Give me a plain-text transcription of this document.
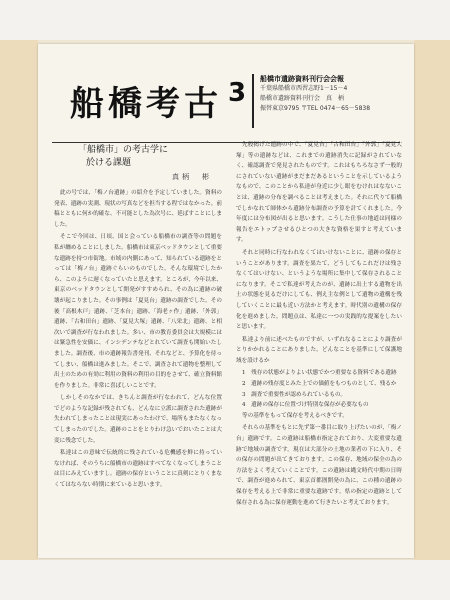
船橋考古 3 船橋市遺跡資料刊行会会報
千葉県船橋市西習志野1－15－4
船橋市遺跡資料刊行会　真　柄
振替東京9795 〒TEL 0474－65－5838
「船橋市」の考古学に
於ける課題
真柄　彬

此の号では、「梅ノ台遺跡」の紹介を予定していました。資料の発表、遺跡の実測、現状の写真などを担当する程ではなかった。前稿とともに何か的確な、不可能とした為次号に、延ばすことにしました。

そこで今回は、日頃、国と会っている船橋市の調査等の問題を私が纏めることにしました。船橋市は東京ベッドタウンとして重要な遺跡を持つ市街地。市域の内側にあって、知られている遺跡をとっては「梅ノ台」遺跡ぐらいのものでした。そんな環境でしたから、このように遅くなっていたと思えます。ところが、今年以来、東京のベッドタウンとして開発がすすめられ、その為に遺跡の破壊が起こりました。その事例は「夏見台」遺跡の調査でした。その後「高根木戸」遺跡、「芝本台」遺跡、「海老ヶ作」遺跡、「外郭」遺跡、「古和田台」遺跡、「夏見大塚」遺跡、「八栄北」遺跡、と相次いで調査が行なわれました。多い、市の教育委員会は大規模にはは緊急性を安価に、インシデンテなどとれていて調査も開始いたしました。調査後、市の遺跡報告書発刊、それなどと、予算化を待ってしまい、船橋は進みました。そこで、調査されて遺物を整理して出土のための有効に利用の資料の利用の目的をさせて、確立資料館を作りました。非常に喜ばしいことです。

しかしそのなかでは、きちんと調査が行なわれて、どんな位置でどのような記録が残されても、どんなに立派に調査された遺跡が失われてしまったことは現実にあったわけで、場所もまたなくなってしまったのでした。遺跡のことをとりわけ急いでおいたことは大変に残念でした。

私達はこの意味で伝統的に残されている危機感を鮮に持っていなければ、そのうちに船橋市の遺跡はすべてなくなってしまうことは目にみえていますし。遺跡の保存ということに真剣にとりくまなくてはならない時期に来ていると思います。

先般掲げた遺跡の中で、「夏見台」「古和田台」「外郭」「夏見大塚」等の遺跡などは、これまでの遺跡消失に記録がされていなく、確認調査で発見されたものです。これはもちろなさず一般的にされていない遺跡がまだまだあるということを示しているようなもので、このことから私達が身近に少し眼をむけれはなないことは、遺跡の分布を調べることは考えました。それに代りて船橋でしかなれて師体から遺跡分布調査の予算を計てくれました。今年度には分布図が出ると思います。こうした仕事の地道は同様の報告をエトップさせるひとつの大きな資格を果すと考えています。

それと同時に行なわれなくてはいけないことに、遺跡の保存ということがあります。調査を果たて、どうしてもこれだけは残さなくてはいけない、というような場所に集中して保存されることになります。そこで私達が考えたのが、遺跡に出土する遺物を出土の状態を見るだけにしても、例え主な例として遺物の遺構を残していくことに最も近い方法かと考えます。時代別の遺構の保存化を進めました。問題点は、私達に一つの実践的な提案をしたいと思います。

私達より前に述べたものですが、いずれなることにより調査がとりかかれることにありました。どんなことを基準にして保護地域を設けるか

1　残存の状態がよりよい状態でかつ重要なる資料である遺跡
2　遺跡の残存度とみた上での価値をもつものとして、残るか
3　調査で重要性が認められているもの。
4　遺跡の保存に位置づけ特別な保存が必要なもの

等の基準をもって保存を考えるべきです。

それらの基準をもとに先ず第一番目に取り上げたいのが、「梅ノ台」遺跡です。この遺跡は船橋市指定されており、大変重要な遺跡で地域の調査です。現在は大部分の土地の業者の下に入り、その保存の問題が出てきております。この保存、地域の保全の為の方法をよく考えていくことです。この遺跡は縄文時代中期の日時で、調査が進められて、東京首都圏開発の為に、この種の遺跡の保存を考える上で非常に重要な遺跡です。県の指定の遺跡として保存される為に保存運動を進めて行きたいと考えております。
